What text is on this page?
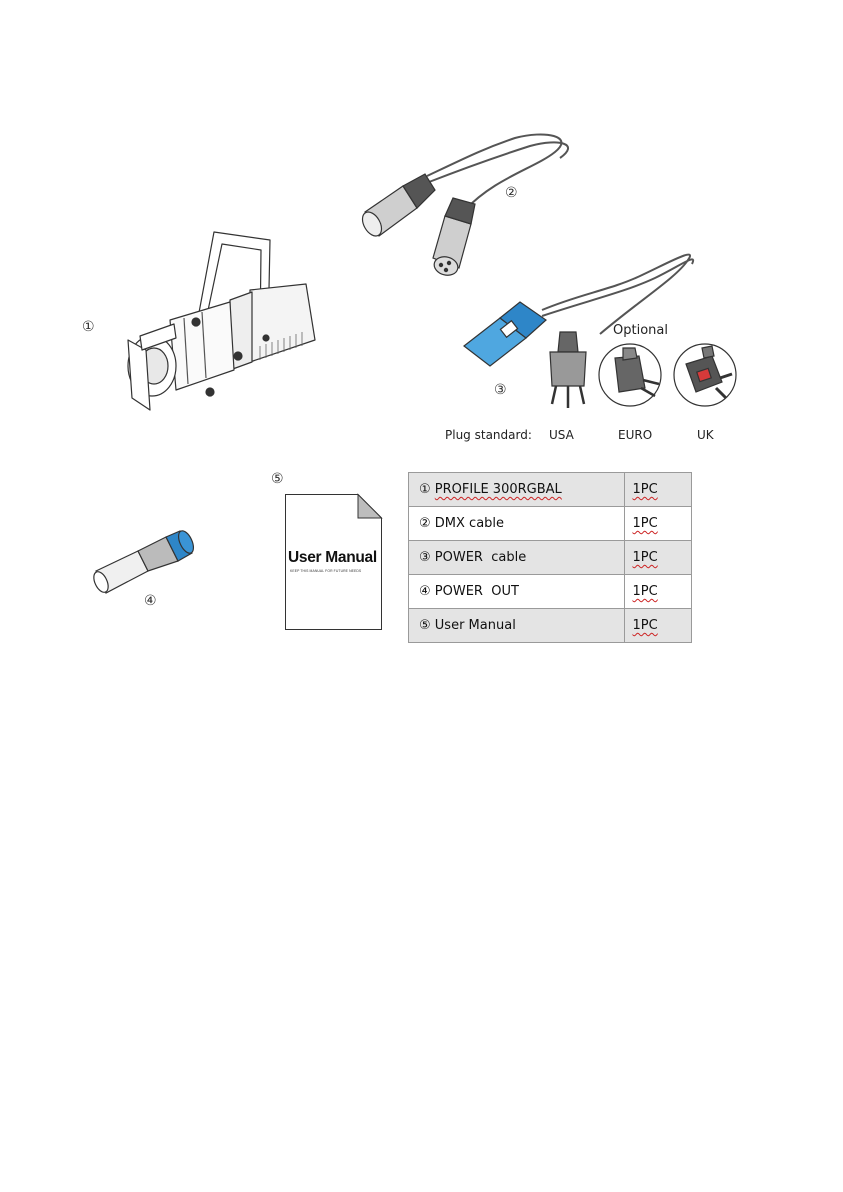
①
②
③
Optional
Plug standard: USA	EURO	UK
④
⑤
User Manual
KEEP THIS MANUAL FOR FUTURE NEEDS
① PROFILE 300RGBAL	1PC
② DMX cable	1PC
③ POWER  cable	1PC
④ POWER  OUT	1PC
⑤ User Manual	1PC
